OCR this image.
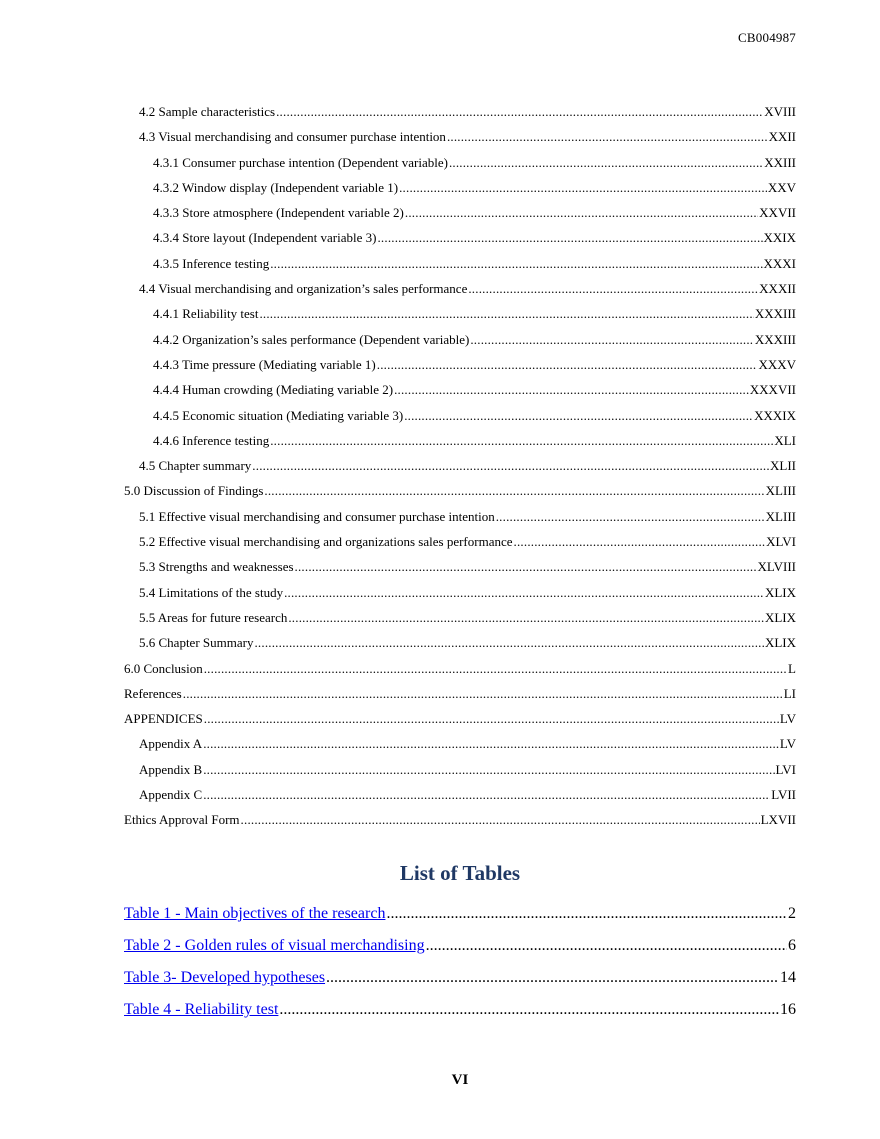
CB004987
4.2 Sample characteristics .....	XVIII
4.3 Visual merchandising and consumer purchase intention .....	XXII
4.3.1 Consumer purchase intention (Dependent variable) .....	XXIII
4.3.2 Window display (Independent variable 1) .....	XXV
4.3.3 Store atmosphere (Independent variable 2) .....	XXVII
4.3.4 Store layout (Independent variable 3) .....	XXIX
4.3.5 Inference testing .....	XXXI
4.4 Visual merchandising and organization’s sales performance .....	XXXII
4.4.1 Reliability test .....	XXXIII
4.4.2 Organization’s sales performance (Dependent variable) .....	XXXIII
4.4.3 Time pressure (Mediating variable 1) .....	XXXV
4.4.4 Human crowding (Mediating variable 2) .....	XXXVII
4.4.5 Economic situation (Mediating variable 3) .....	XXXIX
4.4.6 Inference testing .....	XLI
4.5 Chapter summary .....	XLII
5.0 Discussion of Findings .....	XLIII
5.1 Effective visual merchandising and consumer purchase intention .....	XLIII
5.2 Effective visual merchandising and organizations sales performance .....	XLVI
5.3 Strengths and weaknesses .....	XLVIII
5.4 Limitations of the study .....	XLIX
5.5 Areas for future research .....	XLIX
5.6 Chapter Summary .....	XLIX
6.0 Conclusion .....	L
References .....	LI
APPENDICES .....	LV
Appendix A .....	LV
Appendix B .....	LVI
Appendix C .....	LVII
Ethics Approval Form .....	LXVII
List of Tables
Table 1 - Main objectives of the research .....	2
Table 2 - Golden rules of visual merchandising .....	6
Table 3- Developed hypotheses .....	14
Table 4 - Reliability test .....	16
VI
